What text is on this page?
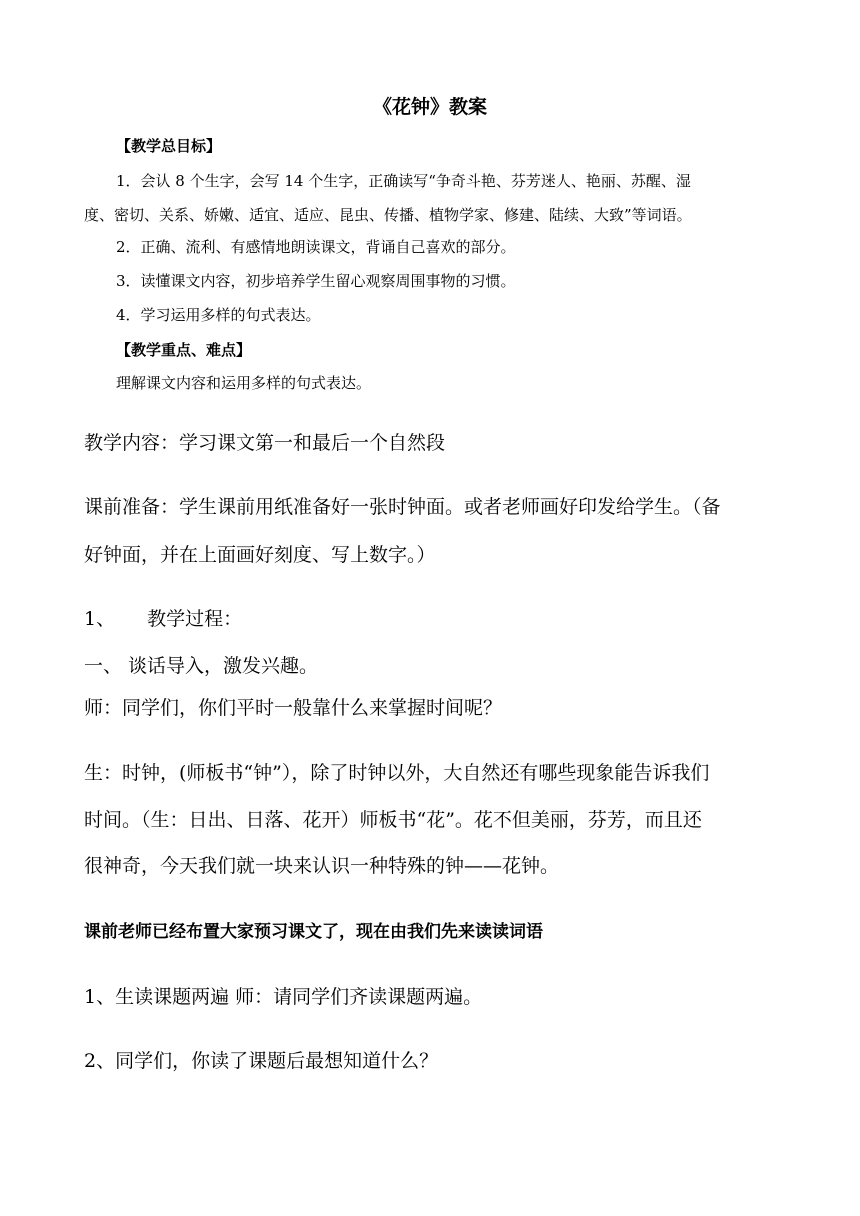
《花钟》教案
【教学总目标】
1．会认 8 个生字，会写 14 个生字，正确读写“争奇斗艳、芬芳迷人、艳丽、苏醒、湿
度、密切、关系、娇嫩、适宜、适应、昆虫、传播、植物学家、修建、陆续、大致”等词语。
2．正确、流利、有感情地朗读课文，背诵自己喜欢的部分。
3．读懂课文内容，初步培养学生留心观察周围事物的习惯。
4．学习运用多样的句式表达。
【教学重点、难点】
理解课文内容和运用多样的句式表达。
教学内容：学习课文第一和最后一个自然段
课前准备：学生课前用纸准备好一张时钟面。或者老师画好印发给学生。（备
好钟面，并在上面画好刻度、写上数字。）
1、 教学过程：
一、 谈话导入，激发兴趣。
师：同学们，你们平时一般靠什么来掌握时间呢？
生：时钟，(师板书“钟”），除了时钟以外，大自然还有哪些现象能告诉我们
时间。（生：日出、日落、花开）师板书“花”。花不但美丽，芬芳，而且还
很神奇，今天我们就一块来认识一种特殊的钟——花钟。
课前老师已经布置大家预习课文了，现在由我们先来读读词语
1、生读课题两遍 师：请同学们齐读课题两遍。
2、同学们，你读了课题后最想知道什么？
